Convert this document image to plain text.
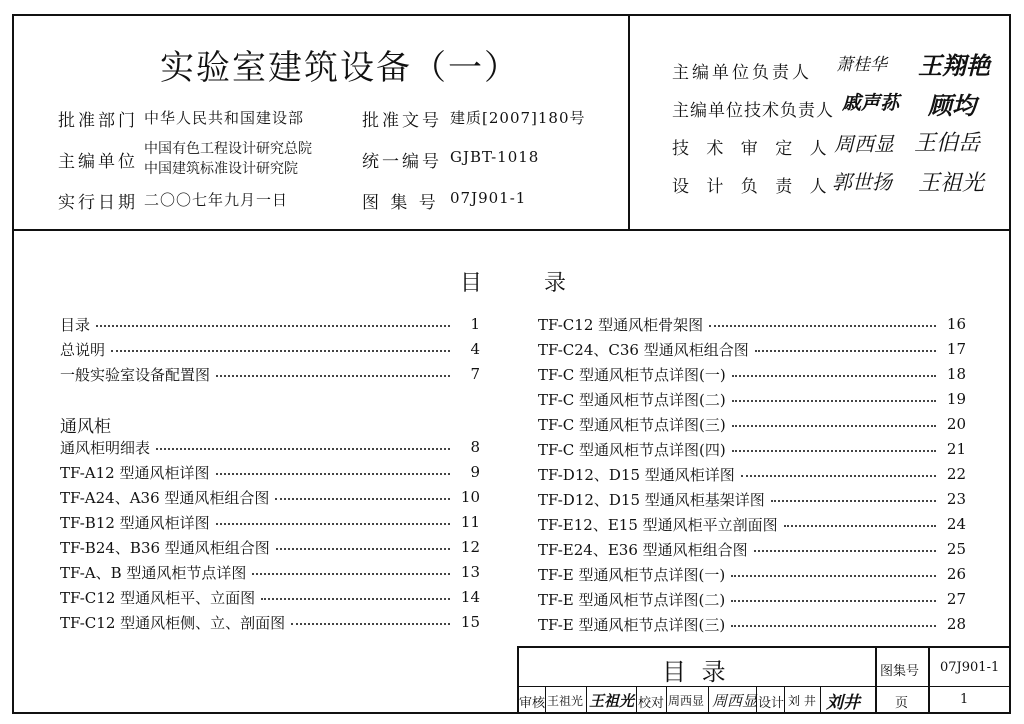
实验室建筑设备（一）
批准部门 中华人民共和国建设部	批准文号 建质[2007]180号
主编单位
中国有色工程设计研究总院
中国建筑标准设计研究院	统一编号 GJBT-1018
实行日期 二〇〇七年九月一日	图 集 号 07J901-1
主编单位负责人 萧桂华 王翔艳
主编单位技术负责人 戚声荪 顾均
技 术 审 定 人 周西显 王伯岳
设 计 负 责 人 郭世扬 王祖光
目	录
目录	1
总说明	4
一般实验室设备配置图	7
通风柜
通风柜明细表	8
TF-A12 型通风柜详图	9
TF-A24、A36 型通风柜组合图	10
TF-B12 型通风柜详图	11
TF-B24、B36 型通风柜组合图	12
TF-A、B 型通风柜节点详图	13
TF-C12 型通风柜平、立面图	14
TF-C12 型通风柜侧、立、剖面图	15
TF-C12 型通风柜骨架图	16
TF-C24、C36 型通风柜组合图	17
TF-C 型通风柜节点详图(一)	18
TF-C 型通风柜节点详图(二)	19
TF-C 型通风柜节点详图(三)	20
TF-C 型通风柜节点详图(四)	21
TF-D12、D15 型通风柜详图	22
TF-D12、D15 型通风柜基架详图	23
TF-E12、E15 型通风柜平立剖面图	24
TF-E24、E36 型通风柜组合图	25
TF-E 型通风柜节点详图(一)	26
TF-E 型通风柜节点详图(二)	27
TF-E 型通风柜节点详图(三)	28
目 录	图集号 07J901-1
审核 王祖光 王祖光 校对 周西显 周西显 设计 刘 井 刘井	页	1
